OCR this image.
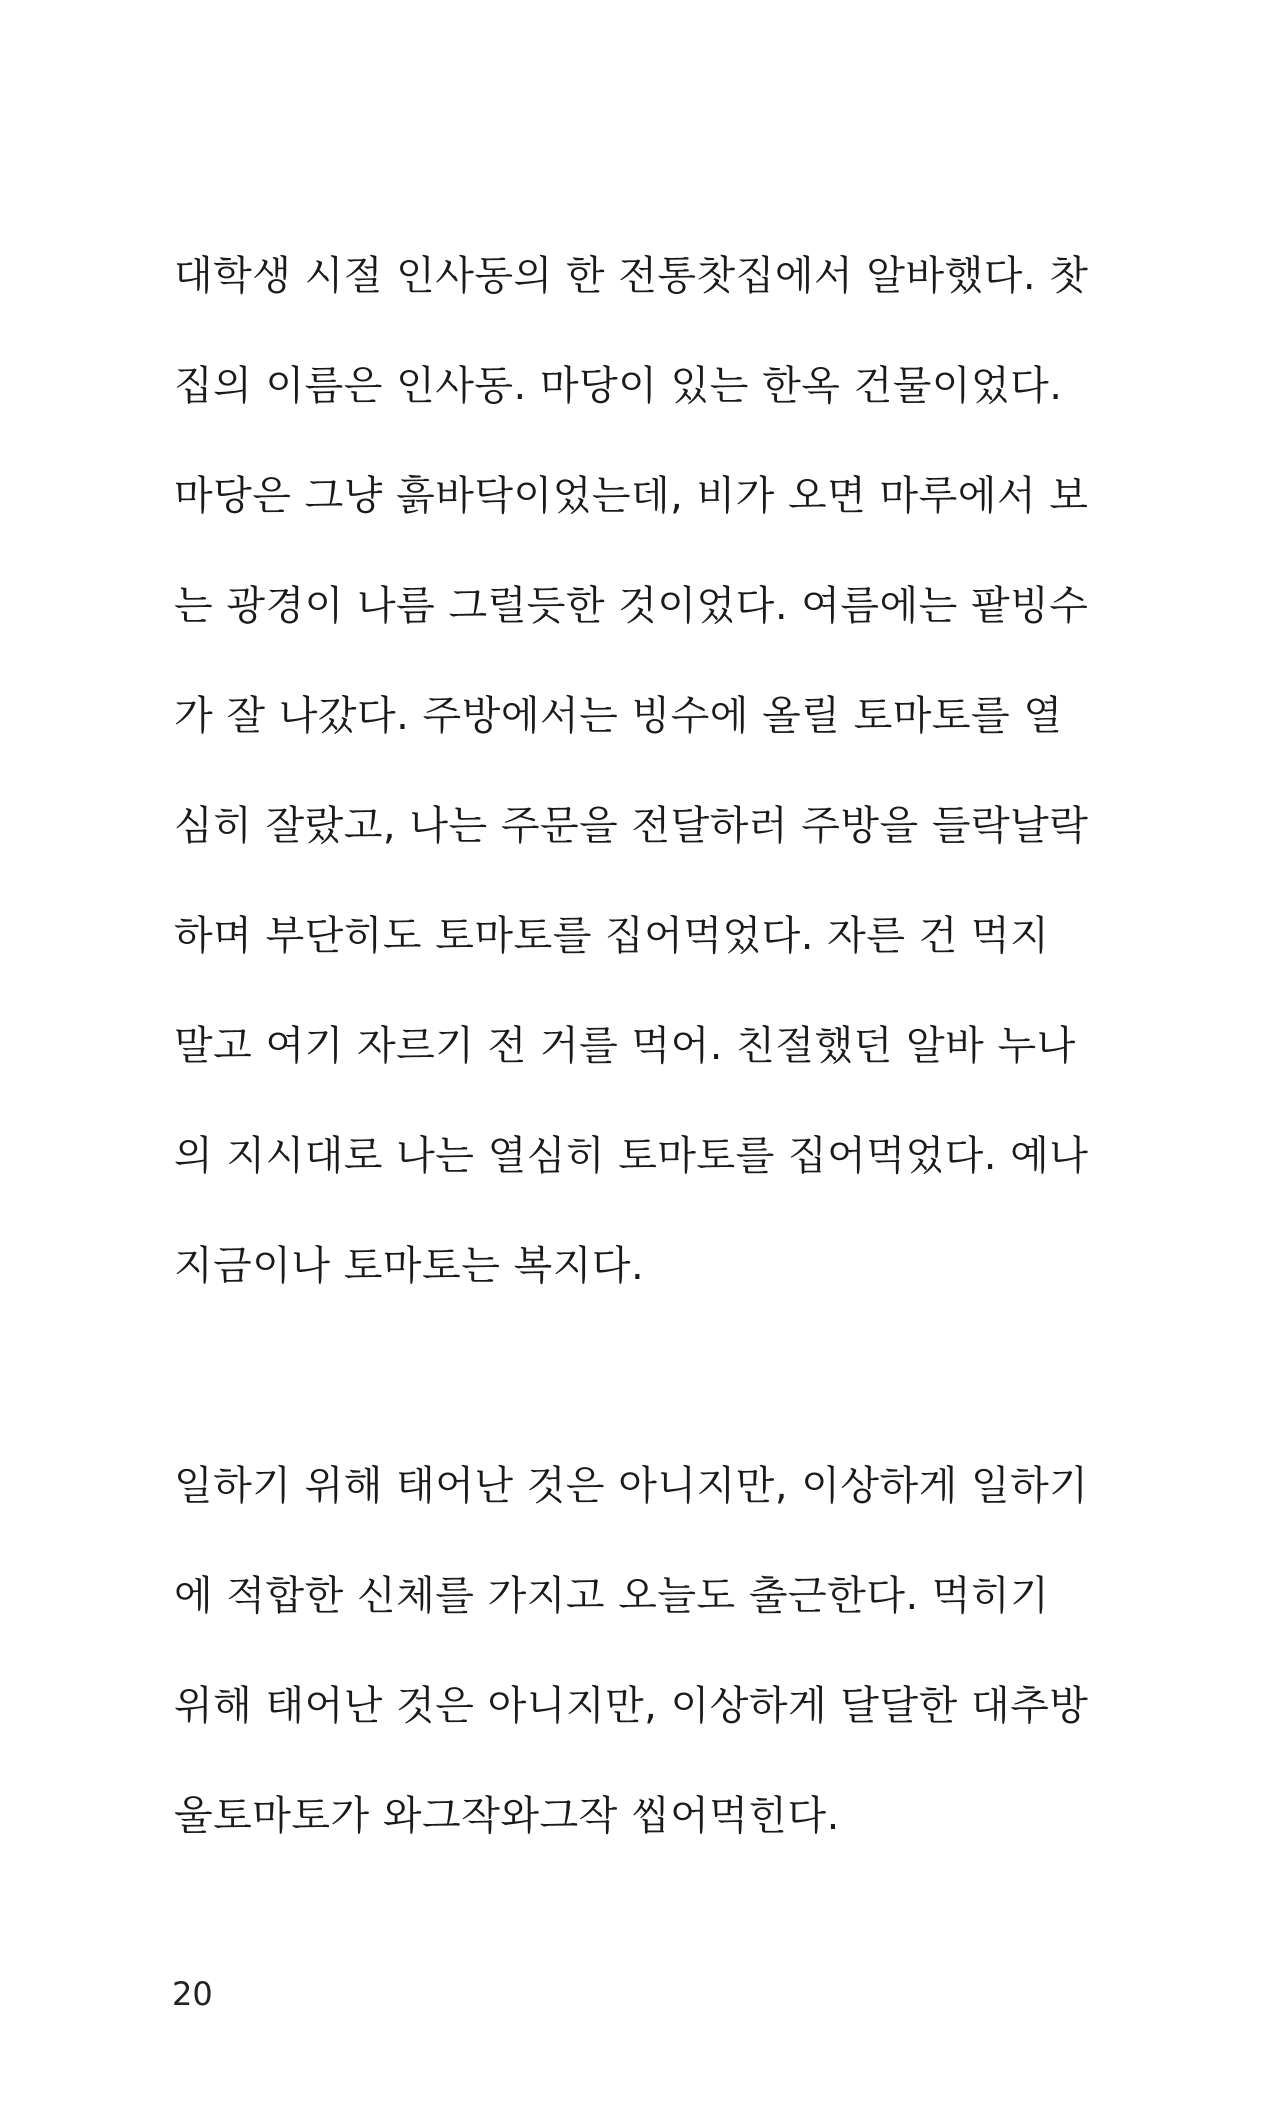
대학생 시절 인사동의 한 전통찻집에서 알바했다. 찻
집의 이름은 인사동. 마당이 있는 한옥 건물이었다.
마당은 그냥 흙바닥이었는데, 비가 오면 마루에서 보
는 광경이 나름 그럴듯한 것이었다. 여름에는 팥빙수
가 잘 나갔다. 주방에서는 빙수에 올릴 토마토를 열
심히 잘랐고, 나는 주문을 전달하러 주방을 들락날락
하며 부단히도 토마토를 집어먹었다. 자른 건 먹지
말고 여기 자르기 전 거를 먹어. 친절했던 알바 누나
의 지시대로 나는 열심히 토마토를 집어먹었다. 예나
지금이나 토마토는 복지다.
일하기 위해 태어난 것은 아니지만, 이상하게 일하기
에 적합한 신체를 가지고 오늘도 출근한다. 먹히기
위해 태어난 것은 아니지만, 이상하게 달달한 대추방
울토마토가 와그작와그작 씹어먹힌다.
20
